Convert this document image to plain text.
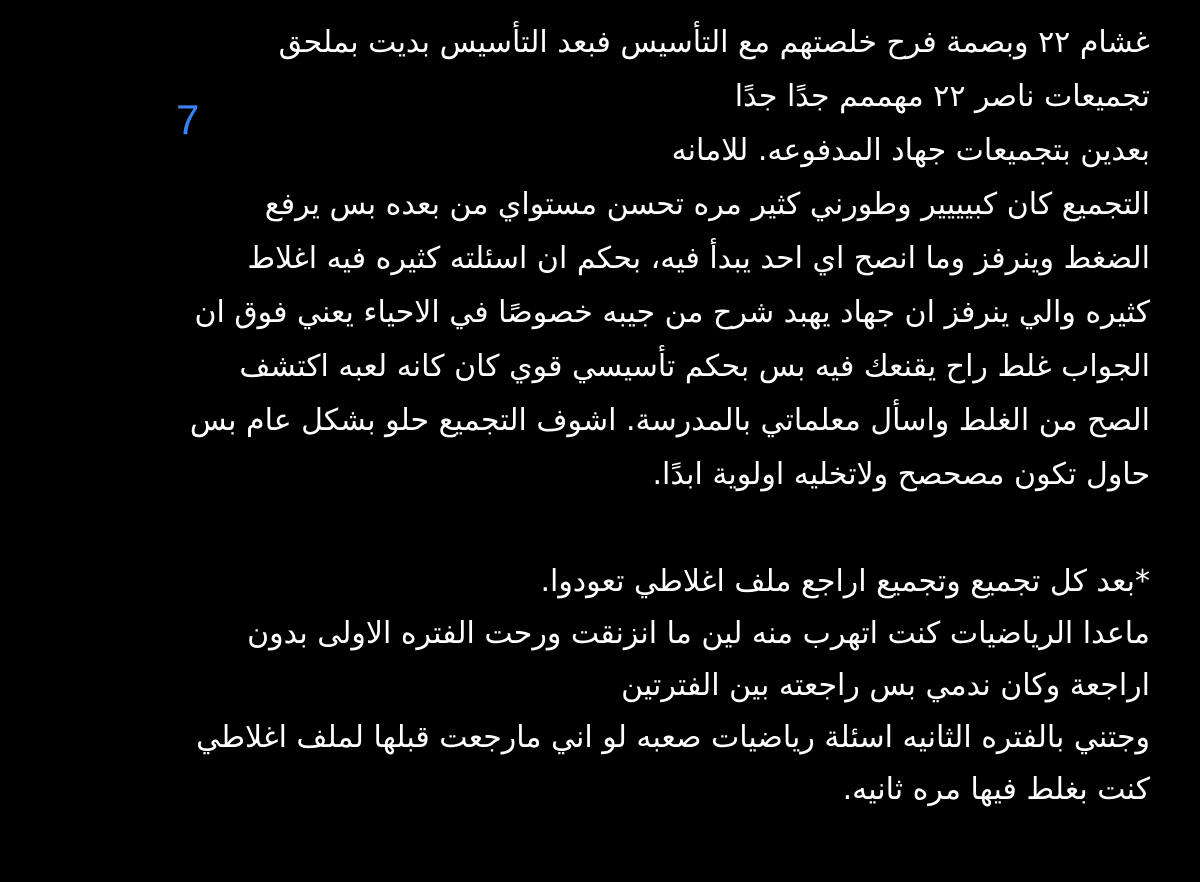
غشام ٢٢ وبصمة فرح خلصتهم مع التأسيس فبعد التأسيس بديت بملحق
تجميعات ناصر ٢٢ مهممم جدًا جدًا
بعدين بتجميعات جهاد المدفوعه. للامانه
التجميع كان كبيييير وطورني كثير مره تحسن مستواي من بعده بس يرفع
الضغط وينرفز وما انصح اي احد يبدأ فيه، بحكم ان اسئلته كثيره فيه اغلاط
كثيره والي ينرفز ان جهاد يهبد شرح من جيبه خصوصًا في الاحياء يعني فوق ان
الجواب غلط راح يقنعك فيه بس بحكم تأسيسي قوي كان كانه لعبه اكتشف
الصح من الغلط واسأل معلماتي بالمدرسة. اشوف التجميع حلو بشكل عام بس
حاول تكون مصحصح ولاتخليه اولوية ابدًا.
*بعد كل تجميع وتجميع اراجع ملف اغلاطي تعودوا.
ماعدا الرياضيات كنت اتهرب منه لين ما انزنقت ورحت الفتره الاولى بدون
اراجعة وكان ندمي بس راجعته بين الفترتين
وجتني بالفتره الثانيه اسئلة رياضيات صعبه لو اني مارجعت قبلها لملف اغلاطي
كنت بغلط فيها مره ثانيه.
7
